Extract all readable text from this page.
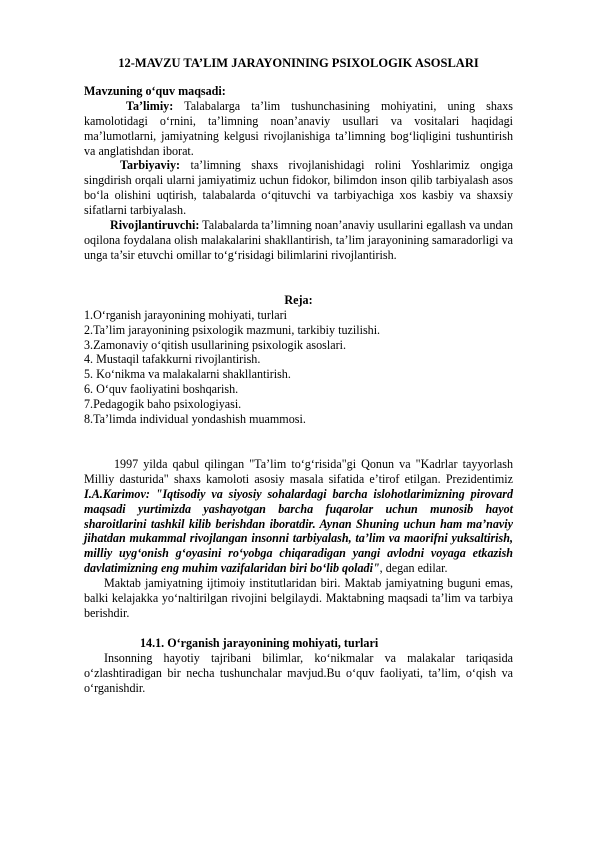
12-MAVZU TA’LIM JARAYONINING PSIXOLOGIK ASOSLARI

Mavzuning o‘quv maqsadi:

Ta’limiy: Talabalarga ta’lim tushunchasining mohiyatini, uning shaxs kamolotidagi o‘rnini, ta’limning noan’anaviy usullari va vositalari haqidagi ma’lumotlarni, jamiyatning kelgusi rivojlanishiga ta’limning bog‘liqligini tushuntirish va anglatishdan iborat.

Tarbiyaviy: ta’limning shaxs rivojlanishidagi rolini Yoshlarimiz ongiga singdirish orqali ularni jamiyatimiz uchun fidokor, bilimdon inson qilib tarbiyalash asos bo‘la olishini uqtirish, talabalarda o‘qituvchi va tarbiyachiga xos kasbiy va shaxsiy sifatlarni tarbiyalash.

Rivojlantiruvchi: Talabalarda ta’limning noan’anaviy usullarini egallash va undan oqilona foydalana olish malakalarini shakllantirish, ta’lim jarayonining samaradorligi va unga ta’sir etuvchi omillar to‘g‘risidagi bilimlarini rivojlantirish.

Reja:

1.O‘rganish jarayonining mohiyati, turlari
2.Ta’lim jarayonining psixologik mazmuni, tarkibiy tuzilishi.
3.Zamonaviy o‘qitish usullarining psixologik asoslari.
4. Mustaqil tafakkurni rivojlantirish.
5. Ko‘nikma va malakalarni shakllantirish.
6. O‘quv faoliyatini boshqarish.
7.Pedagogik baho psixologiyasi.
8.Ta’limda individual yondashish muammosi.

1997 yilda qabul qilingan "Ta’lim to‘g‘risida"gi Qonun va "Kadrlar tayyorlash Milliy dasturida" shaxs kamoloti asosiy masala sifatida e’tirof etilgan. Prezidentimiz I.A.Karimov: "Iqtisodiy va siyosiy sohalardagi barcha islohotlarimizning pirovard maqsadi yurtimizda yashayotgan barcha fuqarolar uchun munosib hayot sharoitlarini tashkil kilib berishdan iboratdir. Aynan Shuning uchun ham ma’naviy jihatdan mukammal rivojlangan insonni tarbiyalash, ta’lim va maorifni yuksaltirish, milliy uyg‘onish g‘oyasini ro‘yobga chiqaradigan yangi avlodni voyaga etkazish davlatimizning eng muhim vazifalaridan biri bo‘lib qoladi", degan edilar.

Maktab jamiyatning ijtimoiy institutlaridan biri. Maktab jamiyatning buguni emas, balki kelajakka yo‘naltirilgan rivojini belgilaydi. Maktabning maqsadi ta’lim va tarbiya berishdir.

14.1. O‘rganish jarayonining mohiyati, turlari

Insonning hayotiy tajribani bilimlar, ko‘nikmalar va malakalar tariqasida o‘zlashtiradigan bir necha tushunchalar mavjud.Bu o‘quv faoliyati, ta’lim, o‘qish va o‘rganishdir.
